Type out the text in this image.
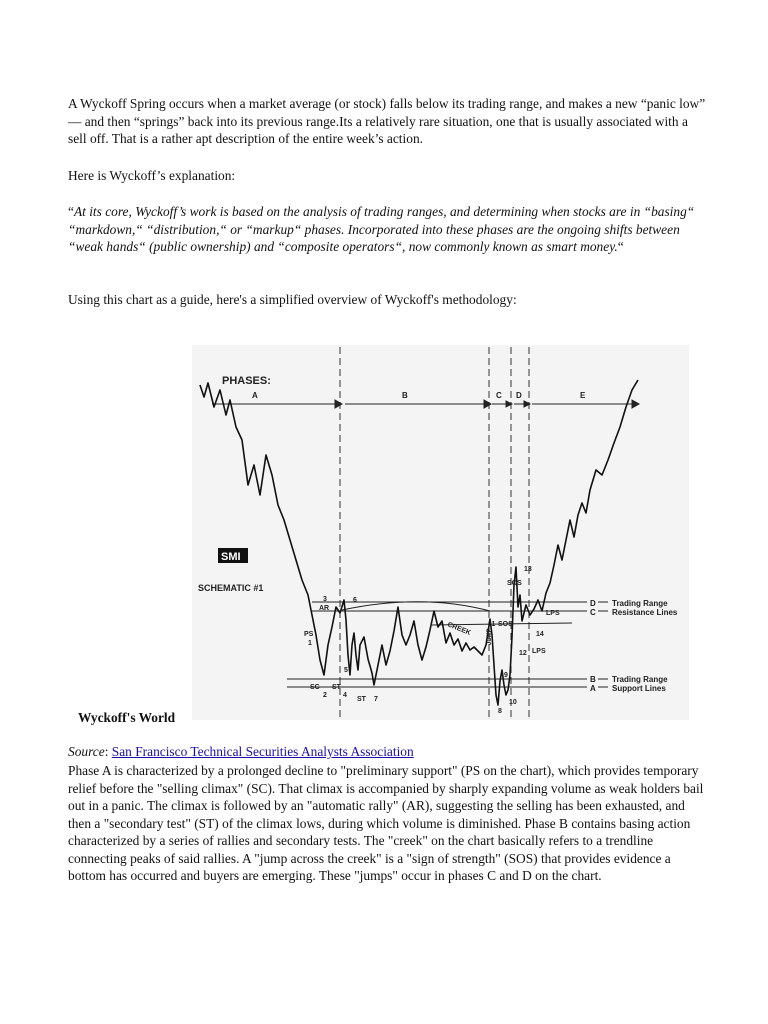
A Wyckoff Spring occurs when a market average (or stock) falls below its trading range, and makes a new “panic low” — and then “springs” back into its previous range.Its a relatively rare situation, one that is usually associated with a sell off. That is a rather apt description of the entire week’s action.

Here is Wyckoff’s explanation:

“At its core, Wyckoff’s work is based on the analysis of trading ranges, and determining when stocks are in “basing“ “markdown,“ “distribution,“ or “markup“ phases. Incorporated into these phases are the ongoing shifts between “weak hands“ (public ownership) and “composite operators“, now commonly known as smart money.“

Using this chart as a guide, here's a simplified overview of Wyckoff's methodology:

PHASES:
A	B	C D	E
SMI
SCHEMATIC #1
D
C
B
A
Trading Range
Resistance Lines
Trading Range
Support Lines
CREEK	JUMP
PS
1
3
AR
6
SC
2
ST
4
5
ST 7
SOS
13
SOS
11
LPS
14
12 LPS
9
8
10
Wyckoff's World
Source: San Francisco Technical Securities Analysts Association

Phase A is characterized by a prolonged decline to "preliminary support" (PS on the chart), which provides temporary relief before the "selling climax" (SC). That climax is accompanied by sharply expanding volume as weak holders bail out in a panic. The climax is followed by an "automatic rally" (AR), suggesting the selling has been exhausted, and then a "secondary test" (ST) of the climax lows, during which volume is diminished. Phase B contains basing action characterized by a series of rallies and secondary tests. The "creek" on the chart basically refers to a trendline connecting peaks of said rallies. A "jump across the creek" is a "sign of strength" (SOS) that provides evidence a bottom has occurred and buyers are emerging. These "jumps" occur in phases C and D on the chart.
